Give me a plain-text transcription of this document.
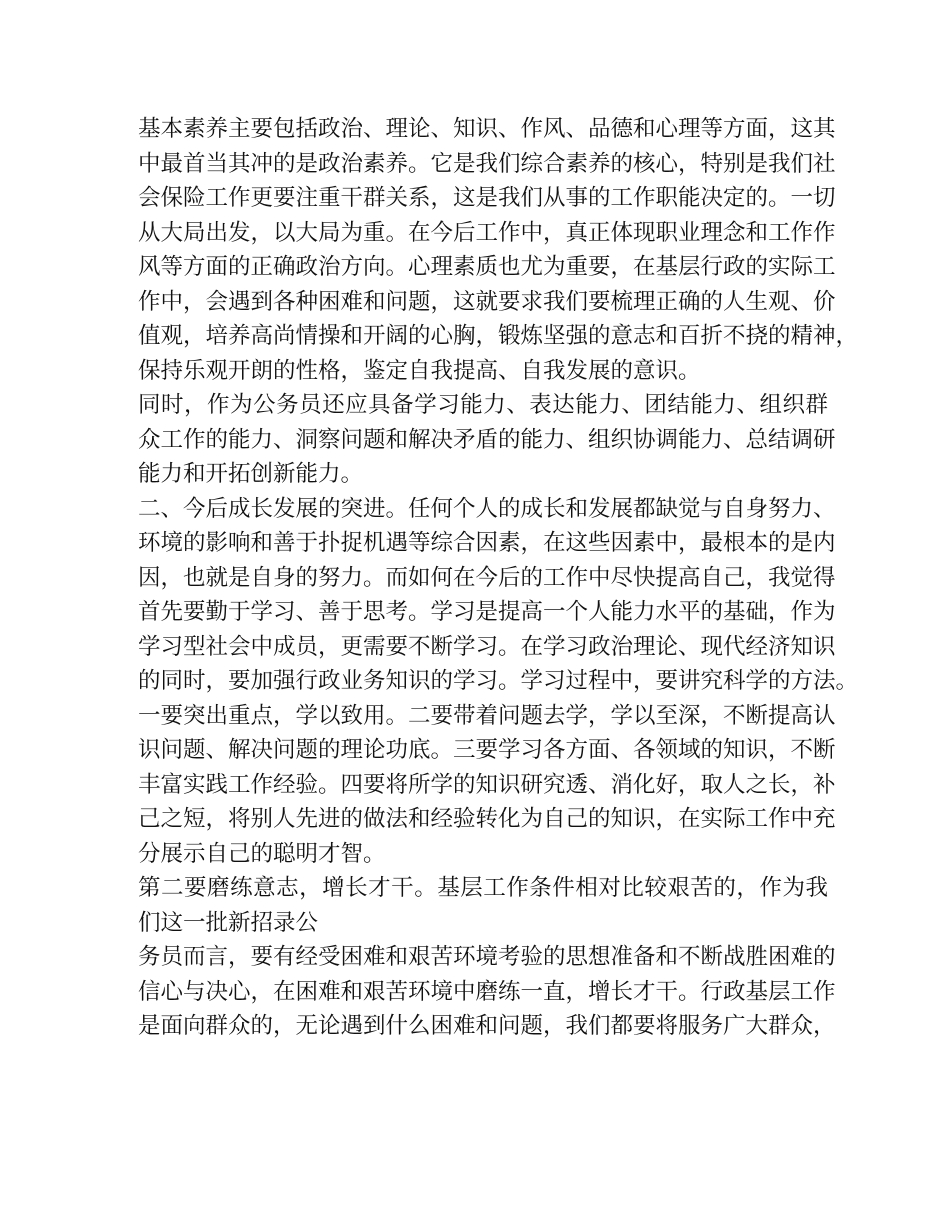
基本素养主要包括政治、理论、知识、作风、品德和心理等方面，这其
中最首当其冲的是政治素养。它是我们综合素养的核心，特别是我们社
会保险工作更要注重干群关系，这是我们从事的工作职能决定的。一切
从大局出发，以大局为重。在今后工作中，真正体现职业理念和工作作
风等方面的正确政治方向。心理素质也尤为重要，在基层行政的实际工
作中，会遇到各种困难和问题，这就要求我们要梳理正确的人生观、价
值观，培养高尚情操和开阔的心胸，锻炼坚强的意志和百折不挠的精神，
保持乐观开朗的性格，鉴定自我提高、自我发展的意识。
同时，作为公务员还应具备学习能力、表达能力、团结能力、组织群
众工作的能力、洞察问题和解决矛盾的能力、组织协调能力、总结调研
能力和开拓创新能力。
二、今后成长发展的突进。任何个人的成长和发展都缺觉与自身努力、
环境的影响和善于扑捉机遇等综合因素，在这些因素中，最根本的是内
因，也就是自身的努力。而如何在今后的工作中尽快提高自己，我觉得
首先要勤于学习、善于思考。学习是提高一个人能力水平的基础，作为
学习型社会中成员，更需要不断学习。在学习政治理论、现代经济知识
的同时，要加强行政业务知识的学习。学习过程中，要讲究科学的方法。
一要突出重点，学以致用。二要带着问题去学，学以至深，不断提高认
识问题、解决问题的理论功底。三要学习各方面、各领域的知识，不断
丰富实践工作经验。四要将所学的知识研究透、消化好，取人之长，补
己之短，将别人先进的做法和经验转化为自己的知识，在实际工作中充
分展示自己的聪明才智。
第二要磨练意志，增长才干。基层工作条件相对比较艰苦的，作为我
们这一批新招录公
务员而言，要有经受困难和艰苦环境考验的思想准备和不断战胜困难的
信心与决心，在困难和艰苦环境中磨练一直，增长才干。行政基层工作
是面向群众的，无论遇到什么困难和问题，我们都要将服务广大群众，
